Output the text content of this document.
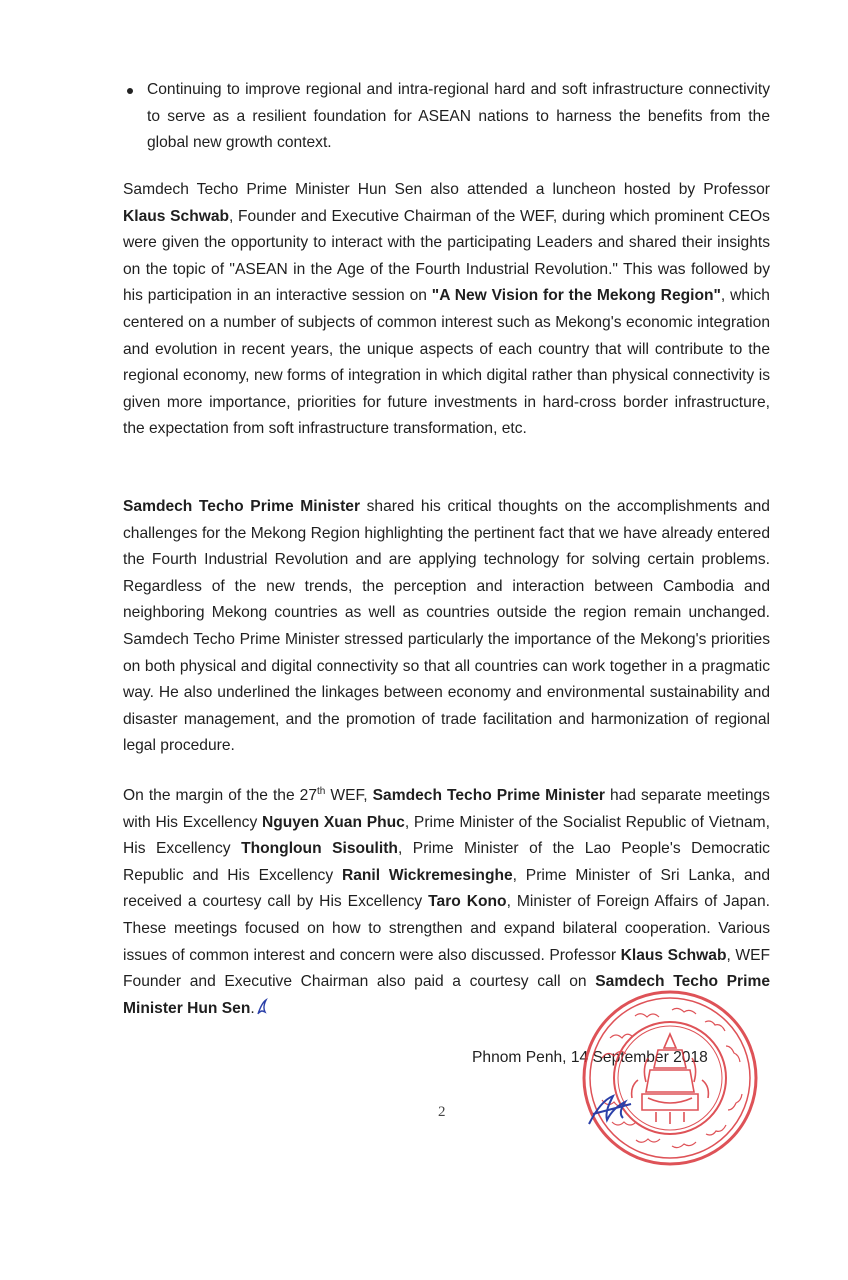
Continuing to improve regional and intra-regional hard and soft infrastructure connectivity to serve as a resilient foundation for ASEAN nations to harness the benefits from the global new growth context.
Samdech Techo Prime Minister Hun Sen also attended a luncheon hosted by Professor Klaus Schwab, Founder and Executive Chairman of the WEF, during which prominent CEOs were given the opportunity to interact with the participating Leaders and shared their insights on the topic of "ASEAN in the Age of the Fourth Industrial Revolution." This was followed by his participation in an interactive session on "A New Vision for the Mekong Region", which centered on a number of subjects of common interest such as Mekong's economic integration and evolution in recent years, the unique aspects of each country that will contribute to the regional economy, new forms of integration in which digital rather than physical connectivity is given more importance, priorities for future investments in hard-cross border infrastructure, the expectation from soft infrastructure transformation, etc.
Samdech Techo Prime Minister shared his critical thoughts on the accomplishments and challenges for the Mekong Region highlighting the pertinent fact that we have already entered the Fourth Industrial Revolution and are applying technology for solving certain problems. Regardless of the new trends, the perception and interaction between Cambodia and neighboring Mekong countries as well as countries outside the region remain unchanged. Samdech Techo Prime Minister stressed particularly the importance of the Mekong's priorities on both physical and digital connectivity so that all countries can work together in a pragmatic way. He also underlined the linkages between economy and environmental sustainability and disaster management, and the promotion of trade facilitation and harmonization of regional legal procedure.
On the margin of the the 27th WEF, Samdech Techo Prime Minister had separate meetings with His Excellency Nguyen Xuan Phuc, Prime Minister of the Socialist Republic of Vietnam, His Excellency Thongloun Sisoulith, Prime Minister of the Lao People's Democratic Republic and His Excellency Ranil Wickremesinghe, Prime Minister of Sri Lanka, and received a courtesy call by His Excellency Taro Kono, Minister of Foreign Affairs of Japan. These meetings focused on how to strengthen and expand bilateral cooperation. Various issues of common interest and concern were also discussed. Professor Klaus Schwab, WEF Founder and Executive Chairman also paid a courtesy call on Samdech Techo Prime Minister Hun Sen.
Phnom Penh, 14 September 2018
2
